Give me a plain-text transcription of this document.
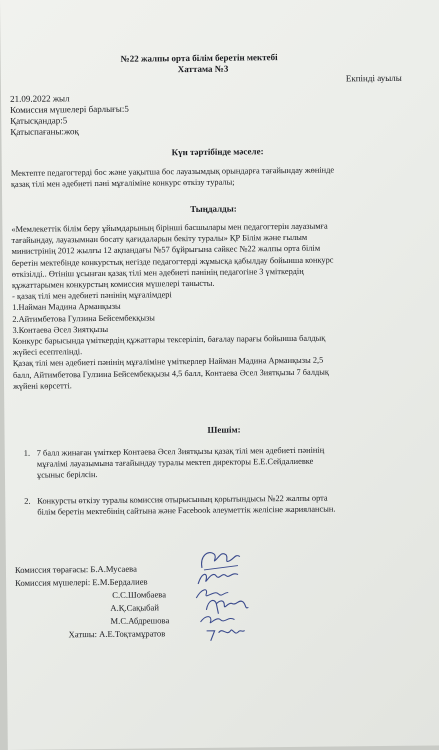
№22 жалпы орта білім беретін мектебі
Хаттама №3
Екпінді ауылы
21.09.2022 жыл
Комиссия мүшелері барлығы:5
Қатысқандар:5
Қатыспағаны:жоқ
Күн тәртібінде мәселе:
Мектепте педагогтерді бос және уақытша бос лауазымдық орындарға тағайындау жөнінде
қазақ тілі мен әдебиеті пәні мұғаліміне конкурс өткізу туралы;
Тыңдалды:
«Мемлекеттік білім беру ұйымдарының бірінші басшылары мен педагогтерін лауазымға
тағайындау, лауазымнан босату қағидаларын бекіту туралы» ҚР Білім және ғылым
министрінің 2012 жылғы 12 ақпандағы №57 бұйрығына сәйкес №22 жалпы орта білім
беретін мектебінде конкурстық негізде педагогтерді жұмысқа қабылдау бойынша конкурс
өткізілді.. Өтініш ұсынған қазақ тілі мен әдебиеті пәнінің педагогіне 3 үміткердің
құжаттарымен конкурстың комиссия мүшелері танысты.
- қазақ тілі мен әдебиеті пәнінің мұғалімдері
1.Найман Мадина Арманқызы
2.Айтимбетова Гулзина Бейсембекқызы
3.Контаева Әсел Зиятқызы
Конкурс барысында үміткердің құжаттары тексеріліп, бағалау парағы бойынша балдық
жүйесі есептелінді.
Қазақ тілі мен әдебиеті пәнінің мұғаліміне үміткерлер Найман Мадина Арманқызы 2,5
балл, Айтимбетова Гулзина Бейсембекқызы 4,5 балл, Контаева Әсел Зиятқызы 7 балдық
жүйені көрсетті.
Шешім:
1. 7 балл жинаған үміткер Контаева Әсел Зиятқызы қазақ тілі мен әдебиеті пәнінің
мұғалімі лауазымына тағайындау туралы мектеп директоры Е.Е.Сейдалиевке
ұсыныс берілсін.
2. Конкурсты өткізу туралы комиссия отырысының қорытындысы №22 жалпы орта
білім беретін мектебінің сайтына және Facebook әлеуметтік желісіне жариялансын.
Комиссия төрағасы: Б.А.Мусаева
Комиссия мүшелері: Е.М.Бердалиев
С.С.Шомбаева
А.Қ.Сақыбай
М.С.Абдрешова
Хатшы: А.Е.Тоқтамұратов
